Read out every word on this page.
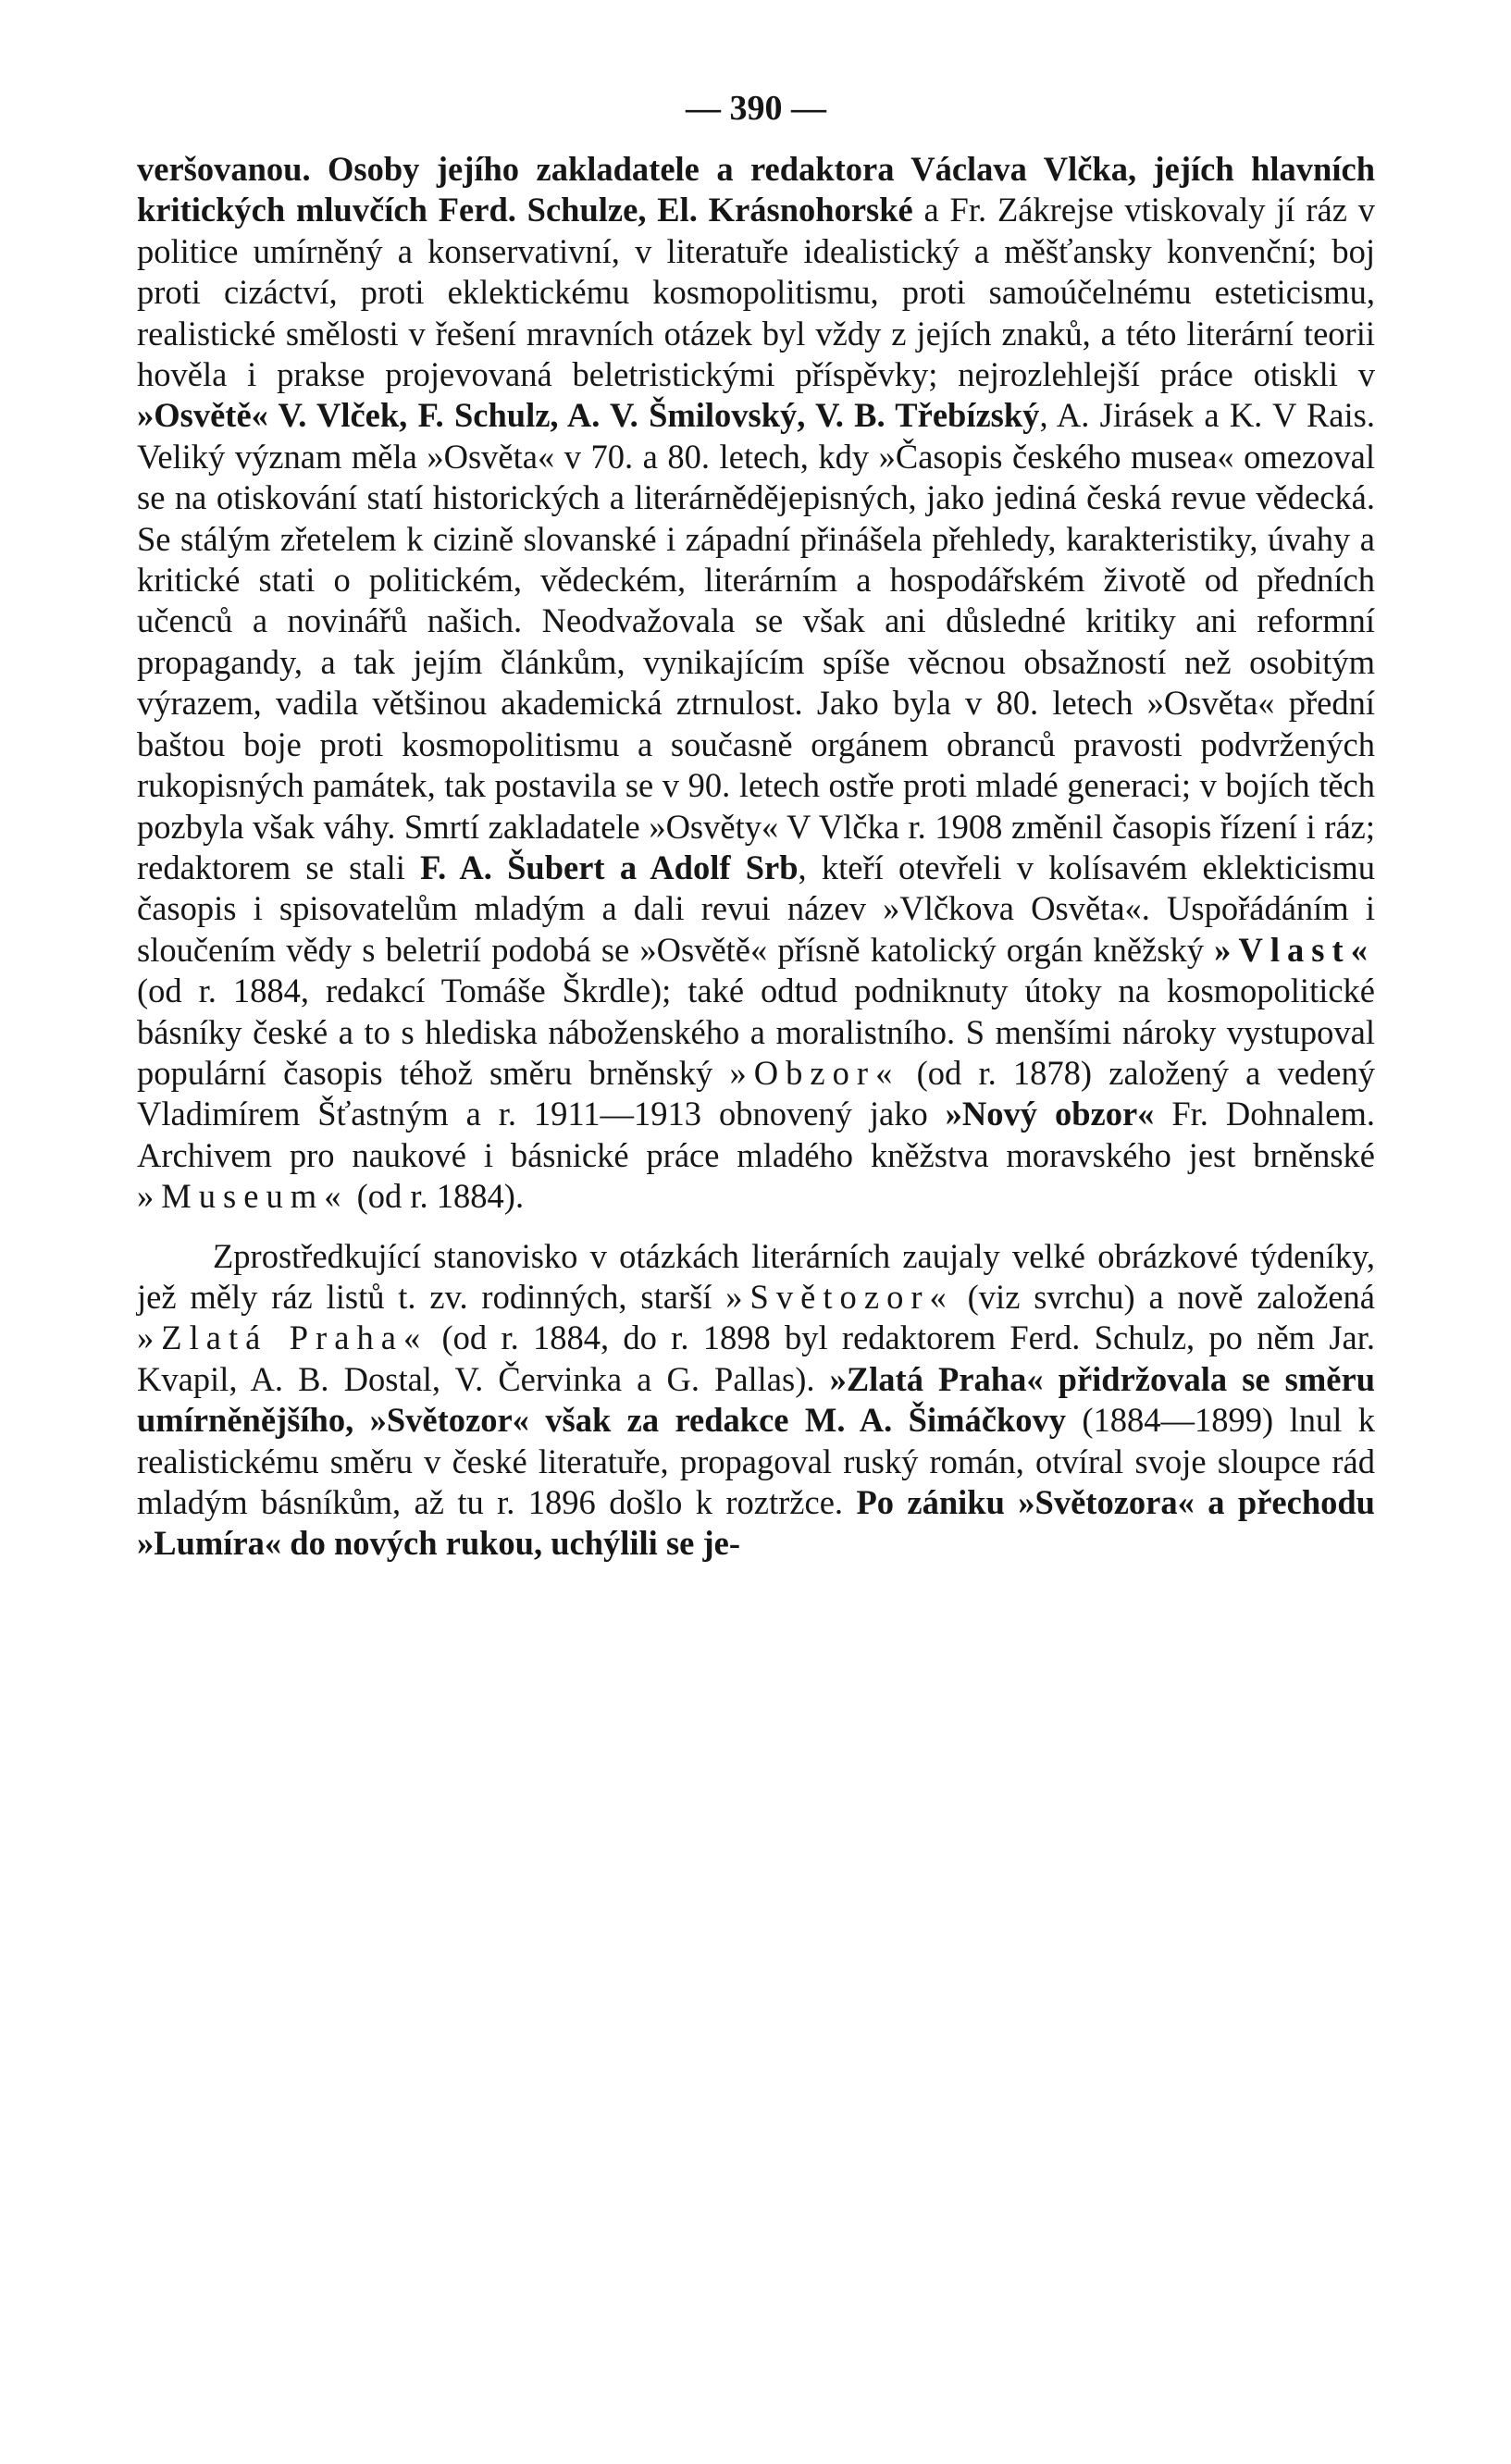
— 390 —

veršovanou. Osoby jejího zakladatele a redaktora Václava Vlčka, jejích hlavních kritických mluvčích Ferd. Schulze, El. Krásnohorské a Fr. Zákrejse vtiskovaly jí ráz v politice umírněný a konservativní, v literatuře idealistický a měšťansky konvenční; boj proti cizáctví, proti eklektickému kosmopolitismu, proti samoúčelnému esteticismu, realistické smělosti v řešení mravních otázek byl vždy z jejích znaků, a této literární teorii hověla i prakse projevovaná beletristickými příspěvky; nejrozlehlejší práce otiskli v »Osvětě« V. Vlček, F. Schulz, A. V. Šmilovský, V. B. Třebízský, A. Jirásek a K. V Rais. Veliký význam měla »Osvěta« v 70. a 80. letech, kdy »Časopis českého musea« omezoval se na otiskování statí historických a literárnědějepisných, jako jediná česká revue vědecká. Se stálým zřetelem k cizině slovanské i západní přinášela přehledy, karakteristiky, úvahy a kritické stati o politickém, vědeckém, literárním a hospodářském životě od předních učenců a novinářů našich. Neodvažovala se však ani důsledné kritiky ani reformní propagandy, a tak jejím článkům, vynikajícím spíše věcnou obsažností než osobitým výrazem, vadila většinou akademická ztrnulost. Jako byla v 80. letech »Osvěta« přední baštou boje proti kosmopolitismu a současně orgánem obranců pravosti podvržených rukopisných památek, tak postavila se v 90. letech ostře proti mladé generaci; v bojích těch pozbyla však váhy. Smrtí zakladatele »Osvěty« V Vlčka r. 1908 změnil časopis řízení i ráz; redaktorem se stali F. A. Šubert a Adolf Srb, kteří otevřeli v kolísavém eklekticismu časopis i spisovatelům mladým a dali revui název »Vlčkova Osvěta«. Uspořádáním i sloučením vědy s beletrií podobá se »Osvětě« přísně katolický orgán kněžský »Vlast« (od r. 1884, redakcí Tomáše Škrdle); také odtud podniknuty útoky na kosmopolitické básníky české a to s hlediska náboženského a moralistního. S menšími nároky vystupoval populární časopis téhož směru brněnský »Obzor« (od r. 1878) založený a vedený Vladimírem Šťastným a r. 1911—1913 obnovený jako »Nový obzor« Fr. Dohnalem. Archivem pro naukové i básnické práce mladého kněžstva moravského jest brněnské »Museum« (od r. 1884).

Zprostředkující stanovisko v otázkách literárních zaujaly velké obrázkové týdeníky, jež měly ráz listů t. zv. rodinných, starší »Světozor« (viz svrchu) a nově založená »Zlatá Praha« (od r. 1884, do r. 1898 byl redaktorem Ferd. Schulz, po něm Jar. Kvapil, A. B. Dostal, V. Červinka a G. Pallas). »Zlatá Praha« přidržovala se směru umírněnějšího, »Světozor« však za redakce M. A. Šimáčkovy (1884—1899) lnul k realistickému směru v české literatuře, propagoval ruský román, otvíral svoje sloupce rád mladým básníkům, až tu r. 1896 došlo k roztržce. Po zániku »Světozora« a přechodu »Lumíra« do nových rukou, uchýlili se je-
